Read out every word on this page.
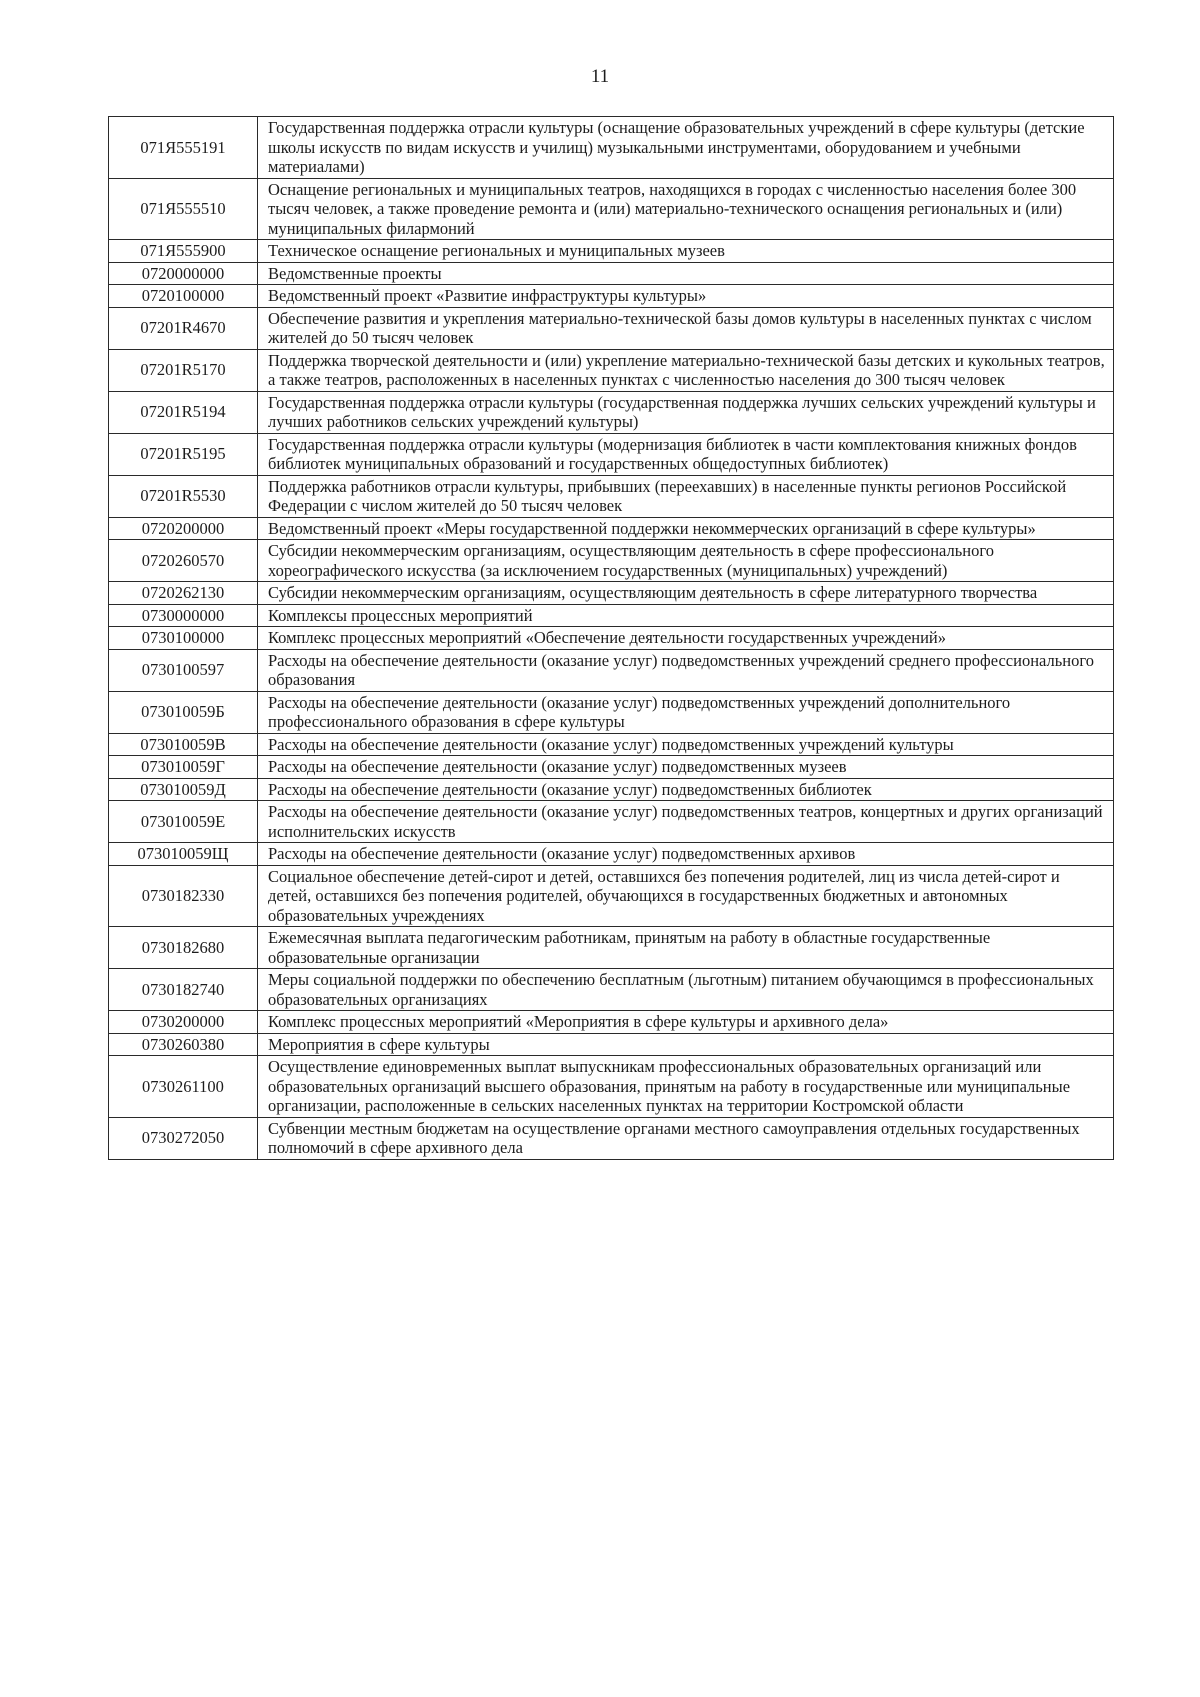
11
071Я555191	Государственная поддержка отрасли культуры (оснащение образовательных учреждений в сфере культуры (детские школы искусств по видам искусств и училищ) музыкальными инструментами, оборудованием и учебными материалами)
071Я555510	Оснащение региональных и муниципальных театров, находящихся в городах с численностью населения более 300 тысяч человек, а также проведение ремонта и (или) материально-технического оснащения региональных и (или) муниципальных филармоний
071Я555900	Техническое оснащение региональных и муниципальных музеев
0720000000	Ведомственные проекты
0720100000	Ведомственный проект «Развитие инфраструктуры культуры»
07201R4670	Обеспечение развития и укрепления материально-технической базы домов культуры в населенных пунктах с числом жителей до 50 тысяч человек
07201R5170	Поддержка творческой деятельности и (или) укрепление материально-технической базы детских и кукольных театров, а также театров, расположенных в населенных пунктах с численностью населения до 300 тысяч человек
07201R5194	Государственная поддержка отрасли культуры (государственная поддержка лучших сельских учреждений культуры и лучших работников сельских учреждений культуры)
07201R5195	Государственная поддержка отрасли культуры (модернизация библиотек в части комплектования книжных фондов библиотек муниципальных образований и государственных общедоступных библиотек)
07201R5530	Поддержка работников отрасли культуры, прибывших (переехавших) в населенные пункты регионов Российской Федерации с числом жителей до 50 тысяч человек
0720200000	Ведомственный проект «Меры государственной поддержки некоммерческих организаций в сфере культуры»
0720260570	Субсидии некоммерческим организациям, осуществляющим деятельность в сфере профессионального хореографического искусства (за исключением государственных (муниципальных) учреждений)
0720262130	Субсидии некоммерческим организациям, осуществляющим деятельность в сфере литературного творчества
0730000000	Комплексы процессных мероприятий
0730100000	Комплекс процессных мероприятий «Обеспечение деятельности государственных учреждений»
0730100597	Расходы на обеспечение деятельности (оказание услуг) подведомственных учреждений среднего профессионального образования
073010059Б	Расходы на обеспечение деятельности (оказание услуг) подведомственных учреждений дополнительного профессионального образования в сфере культуры
073010059В	Расходы на обеспечение деятельности (оказание услуг) подведомственных учреждений культуры
073010059Г	Расходы на обеспечение деятельности (оказание услуг) подведомственных музеев
073010059Д	Расходы на обеспечение деятельности (оказание услуг) подведомственных библиотек
073010059Е	Расходы на обеспечение деятельности (оказание услуг) подведомственных театров, концертных и других организаций исполнительских искусств
073010059Щ	Расходы на обеспечение деятельности (оказание услуг) подведомственных архивов
0730182330	Социальное обеспечение детей-сирот и детей, оставшихся без попечения родителей, лиц из числа детей-сирот и детей, оставшихся без попечения родителей, обучающихся в государственных бюджетных и автономных образовательных учреждениях
0730182680	Ежемесячная выплата педагогическим работникам, принятым на работу в областные государственные образовательные организации
0730182740	Меры социальной поддержки по обеспечению бесплатным (льготным) питанием обучающимся в профессиональных образовательных организациях
0730200000	Комплекс процессных мероприятий «Мероприятия в сфере культуры и архивного дела»
0730260380	Мероприятия в сфере культуры
0730261100	Осуществление единовременных выплат выпускникам профессиональных образовательных организаций или образовательных организаций высшего образования, принятым на работу в государственные или муниципальные организации, расположенные в сельских населенных пунктах на территории Костромской области
0730272050	Субвенции местным бюджетам на осуществление органами местного самоуправления отдельных государственных полномочий в сфере архивного дела
